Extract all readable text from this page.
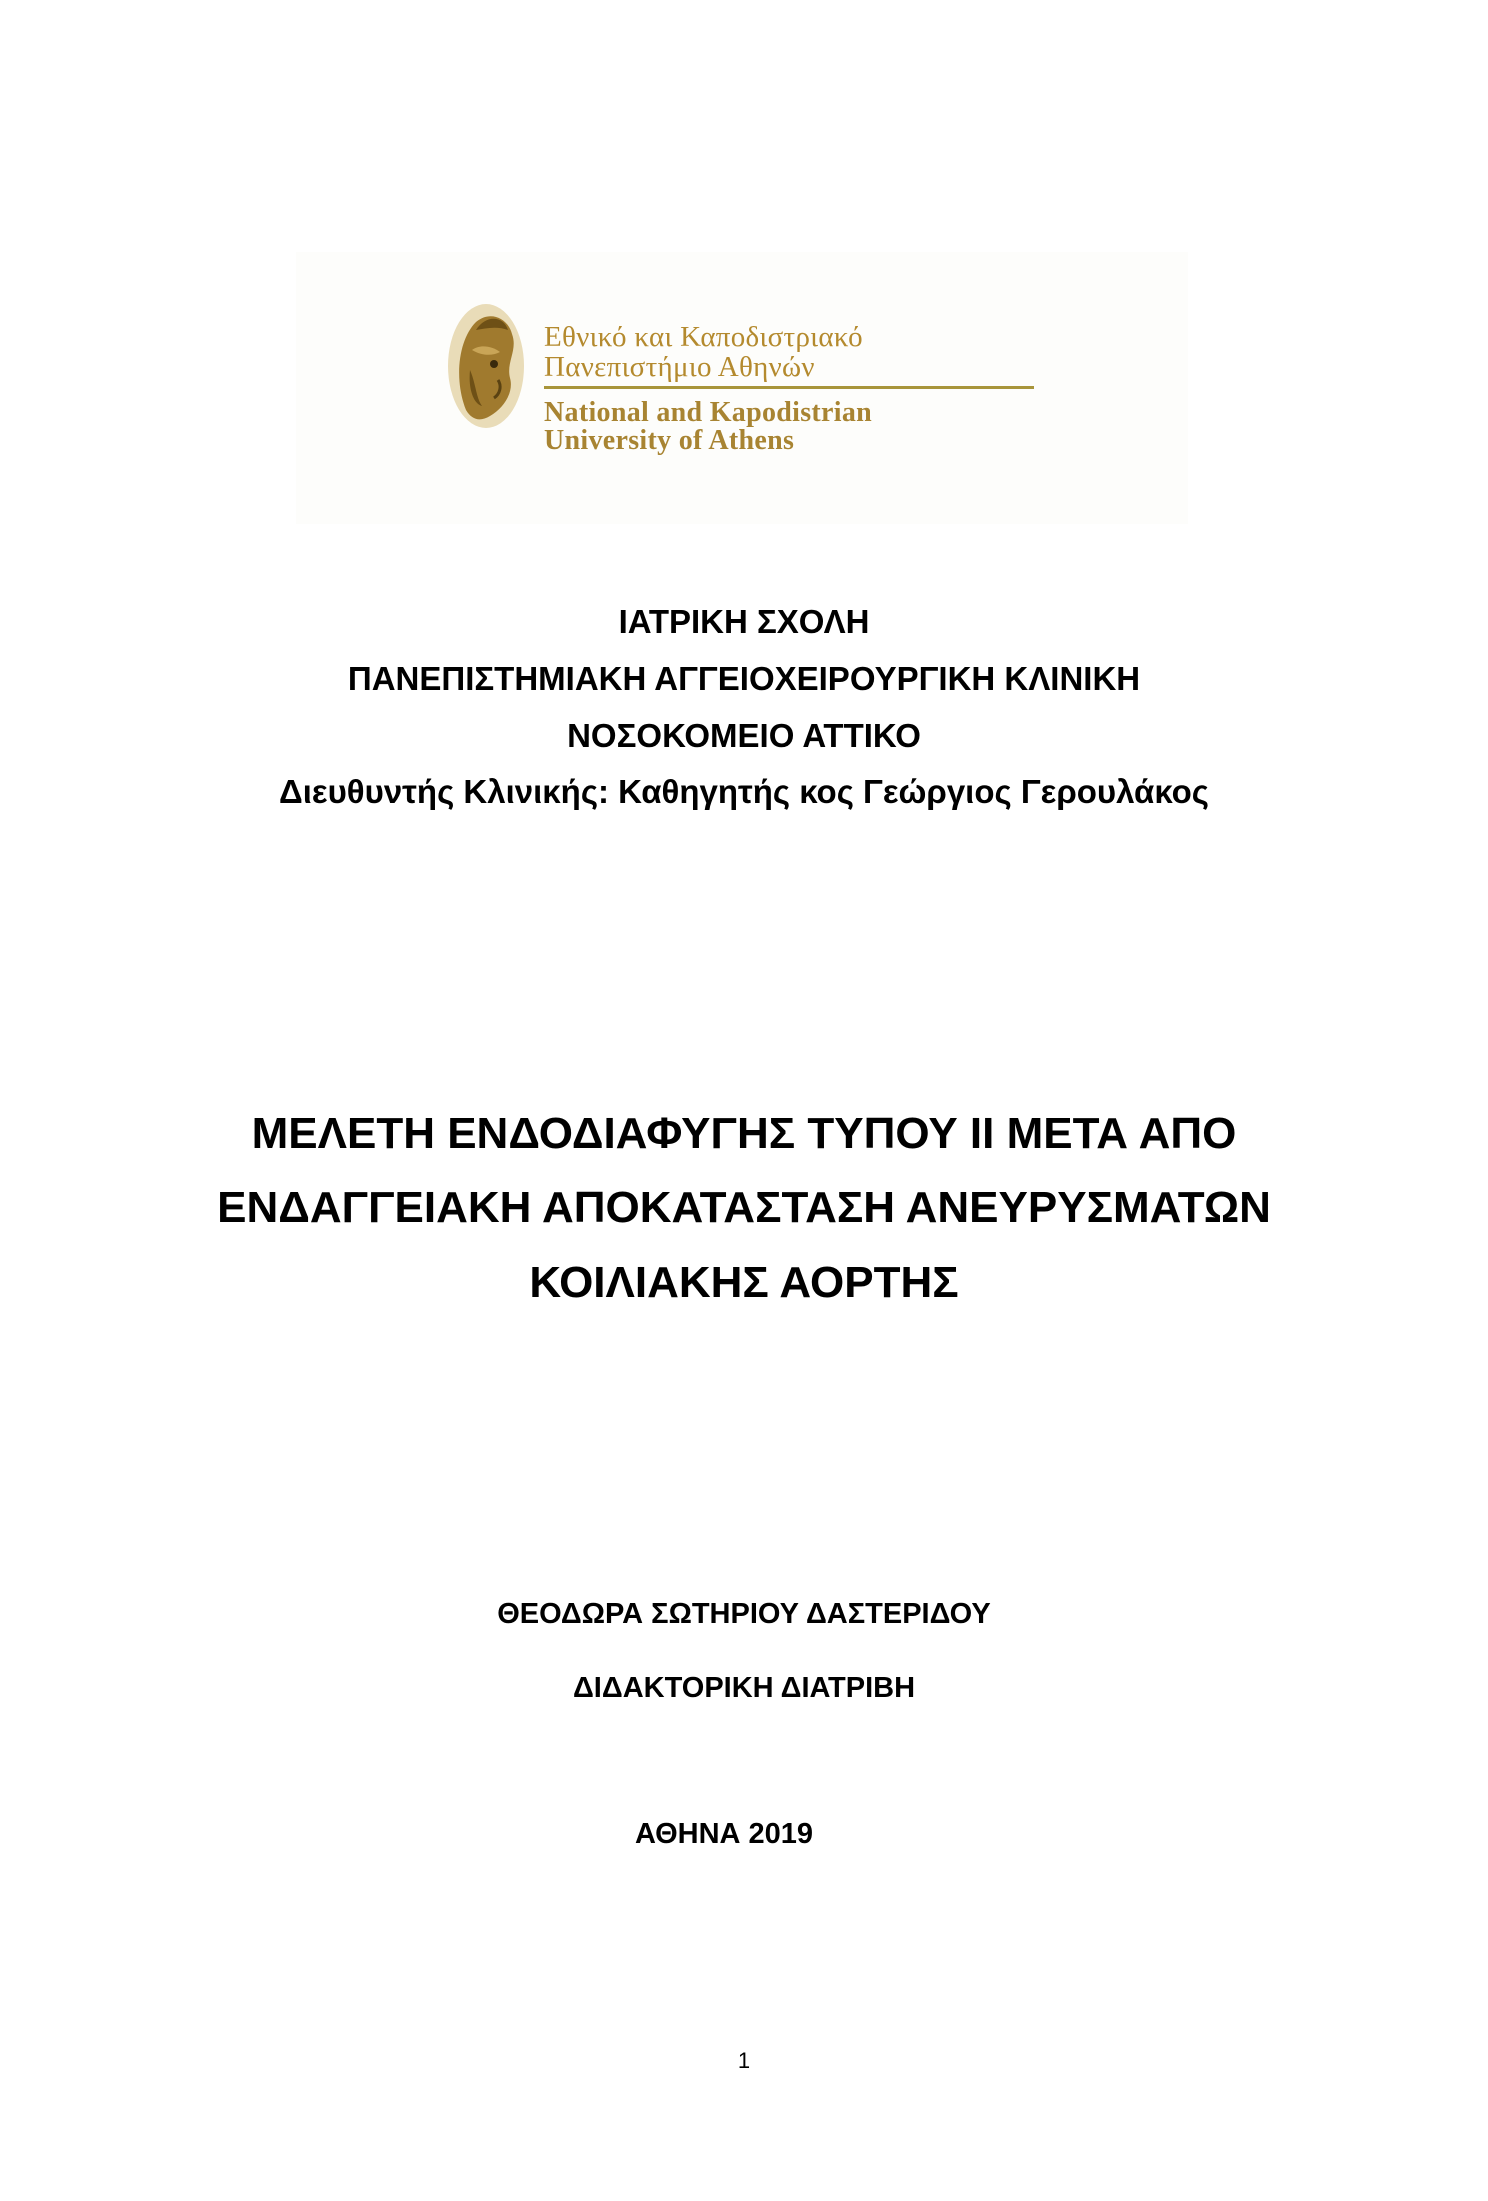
Εθνικό και Καποδιστριακό
Πανεπιστήμιο Αθηνών
National and Kapodistrian
University of Athens
ΙΑΤΡΙΚΗ ΣΧΟΛΗ
ΠΑΝΕΠΙΣΤΗΜΙΑΚΗ ΑΓΓΕΙΟΧΕΙΡΟΥΡΓΙΚΗ ΚΛΙΝΙΚΗ
ΝΟΣΟΚΟΜΕΙΟ ΑΤΤΙΚΟ
Διευθυντής Κλινικής: Καθηγητής κος Γεώργιος Γερουλάκος
ΜΕΛΕΤΗ ΕΝΔΟΔΙΑΦΥΓΗΣ ΤΥΠΟΥ ΙΙ ΜΕΤΑ ΑΠΟ
ΕΝΔΑΓΓΕΙΑΚΗ ΑΠΟΚΑΤΑΣΤΑΣΗ ΑΝΕΥΡΥΣΜΑΤΩΝ
ΚΟΙΛΙΑΚΗΣ ΑΟΡΤΗΣ
ΘΕΟΔΩΡΑ ΣΩΤΗΡΙΟΥ ΔΑΣΤΕΡΙΔΟΥ
ΔΙΔΑΚΤΟΡΙΚΗ ΔΙΑΤΡΙΒΗ
ΑΘΗΝΑ 2019
1
